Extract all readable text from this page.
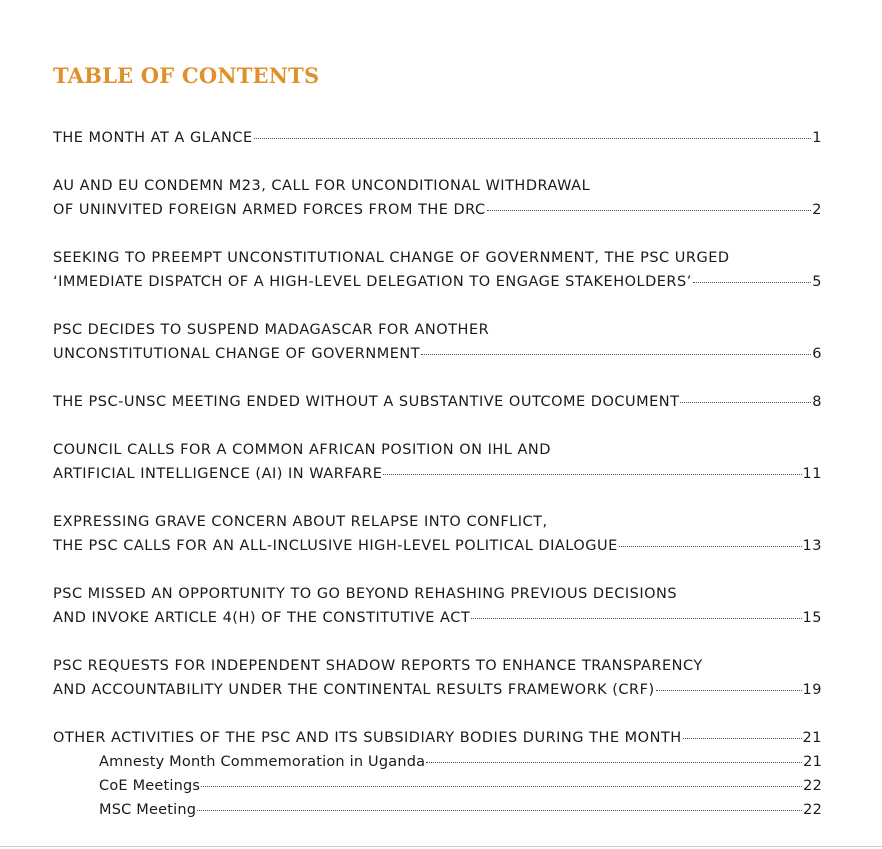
TABLE OF CONTENTS
THE MONTH AT A GLANCE	1
AU AND EU CONDEMN M23, CALL FOR UNCONDITIONAL WITHDRAWAL
OF UNINVITED FOREIGN ARMED FORCES FROM THE DRC	2
SEEKING TO PREEMPT UNCONSTITUTIONAL CHANGE OF GOVERNMENT, THE PSC URGED
‘IMMEDIATE DISPATCH OF A HIGH-LEVEL DELEGATION TO ENGAGE STAKEHOLDERS’	5
PSC DECIDES TO SUSPEND MADAGASCAR FOR ANOTHER
UNCONSTITUTIONAL CHANGE OF GOVERNMENT	6
THE PSC-UNSC MEETING ENDED WITHOUT A SUBSTANTIVE OUTCOME DOCUMENT	8
COUNCIL CALLS FOR A COMMON AFRICAN POSITION ON IHL AND
ARTIFICIAL INTELLIGENCE (AI) IN WARFARE	11
EXPRESSING GRAVE CONCERN ABOUT RELAPSE INTO CONFLICT,
THE PSC CALLS FOR AN ALL-INCLUSIVE HIGH-LEVEL POLITICAL DIALOGUE	13
PSC MISSED AN OPPORTUNITY TO GO BEYOND REHASHING PREVIOUS DECISIONS
AND INVOKE ARTICLE 4(H) OF THE CONSTITUTIVE ACT	15
PSC REQUESTS FOR INDEPENDENT SHADOW REPORTS TO ENHANCE TRANSPARENCY
AND ACCOUNTABILITY UNDER THE CONTINENTAL RESULTS FRAMEWORK (CRF)	19
OTHER ACTIVITIES OF THE PSC AND ITS SUBSIDIARY BODIES DURING THE MONTH	21
Amnesty Month Commemoration in Uganda	21
CoE Meetings	22
MSC Meeting	22
